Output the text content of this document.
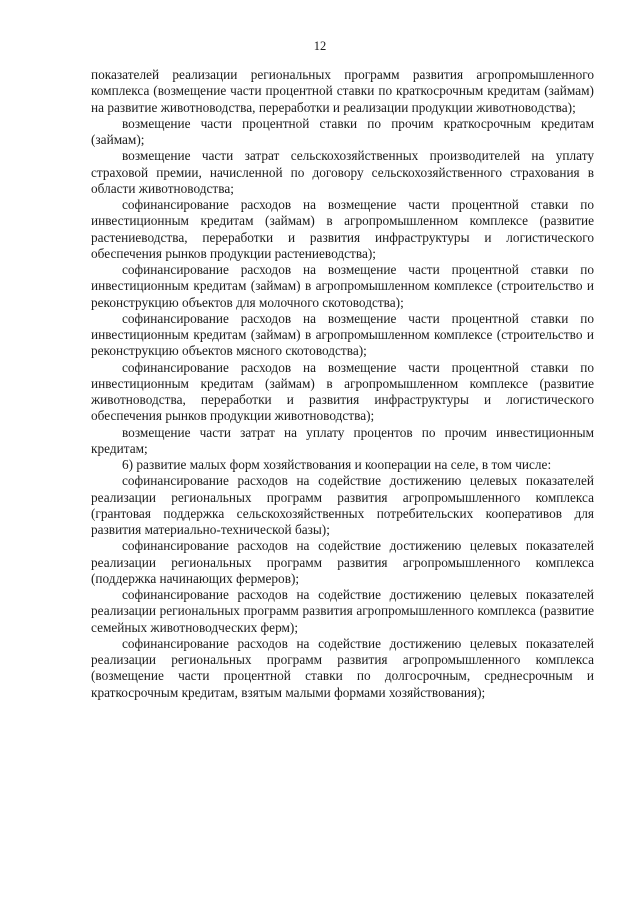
12

показателей реализации региональных программ развития агропромышленного комплекса (возмещение части процентной ставки по краткосрочным кредитам (займам) на развитие животноводства, переработки и реализации продукции животноводства);

возмещение части процентной ставки по прочим краткосрочным кредитам (займам);

возмещение части затрат сельскохозяйственных производителей на уплату страховой премии, начисленной по договору сельскохозяйственного страхования в области животноводства;

софинансирование расходов на возмещение части процентной ставки по инвестиционным кредитам (займам) в агропромышленном комплексе (развитие растениеводства, переработки и развития инфраструктуры и логистического обеспечения рынков продукции растениеводства);

софинансирование расходов на возмещение части процентной ставки по инвестиционным кредитам (займам) в агропромышленном комплексе (строительство и реконструкцию объектов для молочного скотоводства);

софинансирование расходов на возмещение части процентной ставки по инвестиционным кредитам (займам) в агропромышленном комплексе (строительство и реконструкцию объектов мясного скотоводства);

софинансирование расходов на возмещение части процентной ставки по инвестиционным кредитам (займам) в агропромышленном комплексе (развитие животноводства, переработки и развития инфраструктуры и логистического обеспечения рынков продукции животноводства);

возмещение части затрат на уплату процентов по прочим инвестиционным кредитам;

6) развитие малых форм хозяйствования и кооперации на селе, в том числе:

софинансирование расходов на содействие достижению целевых показателей реализации региональных программ развития агропромышленного комплекса (грантовая поддержка сельскохозяйственных потребительских кооперативов для развития материально-технической базы);

софинансирование расходов на содействие достижению целевых показателей реализации региональных программ развития агропромышленного комплекса (поддержка начинающих фермеров);

софинансирование расходов на содействие достижению целевых показателей реализации региональных программ развития агропромышленного комплекса (развитие семейных животноводческих ферм);

софинансирование расходов на содействие достижению целевых показателей реализации региональных программ развития агропромышленного комплекса (возмещение части процентной ставки по долгосрочным, среднесрочным и краткосрочным кредитам, взятым малыми формами хозяйствования);
